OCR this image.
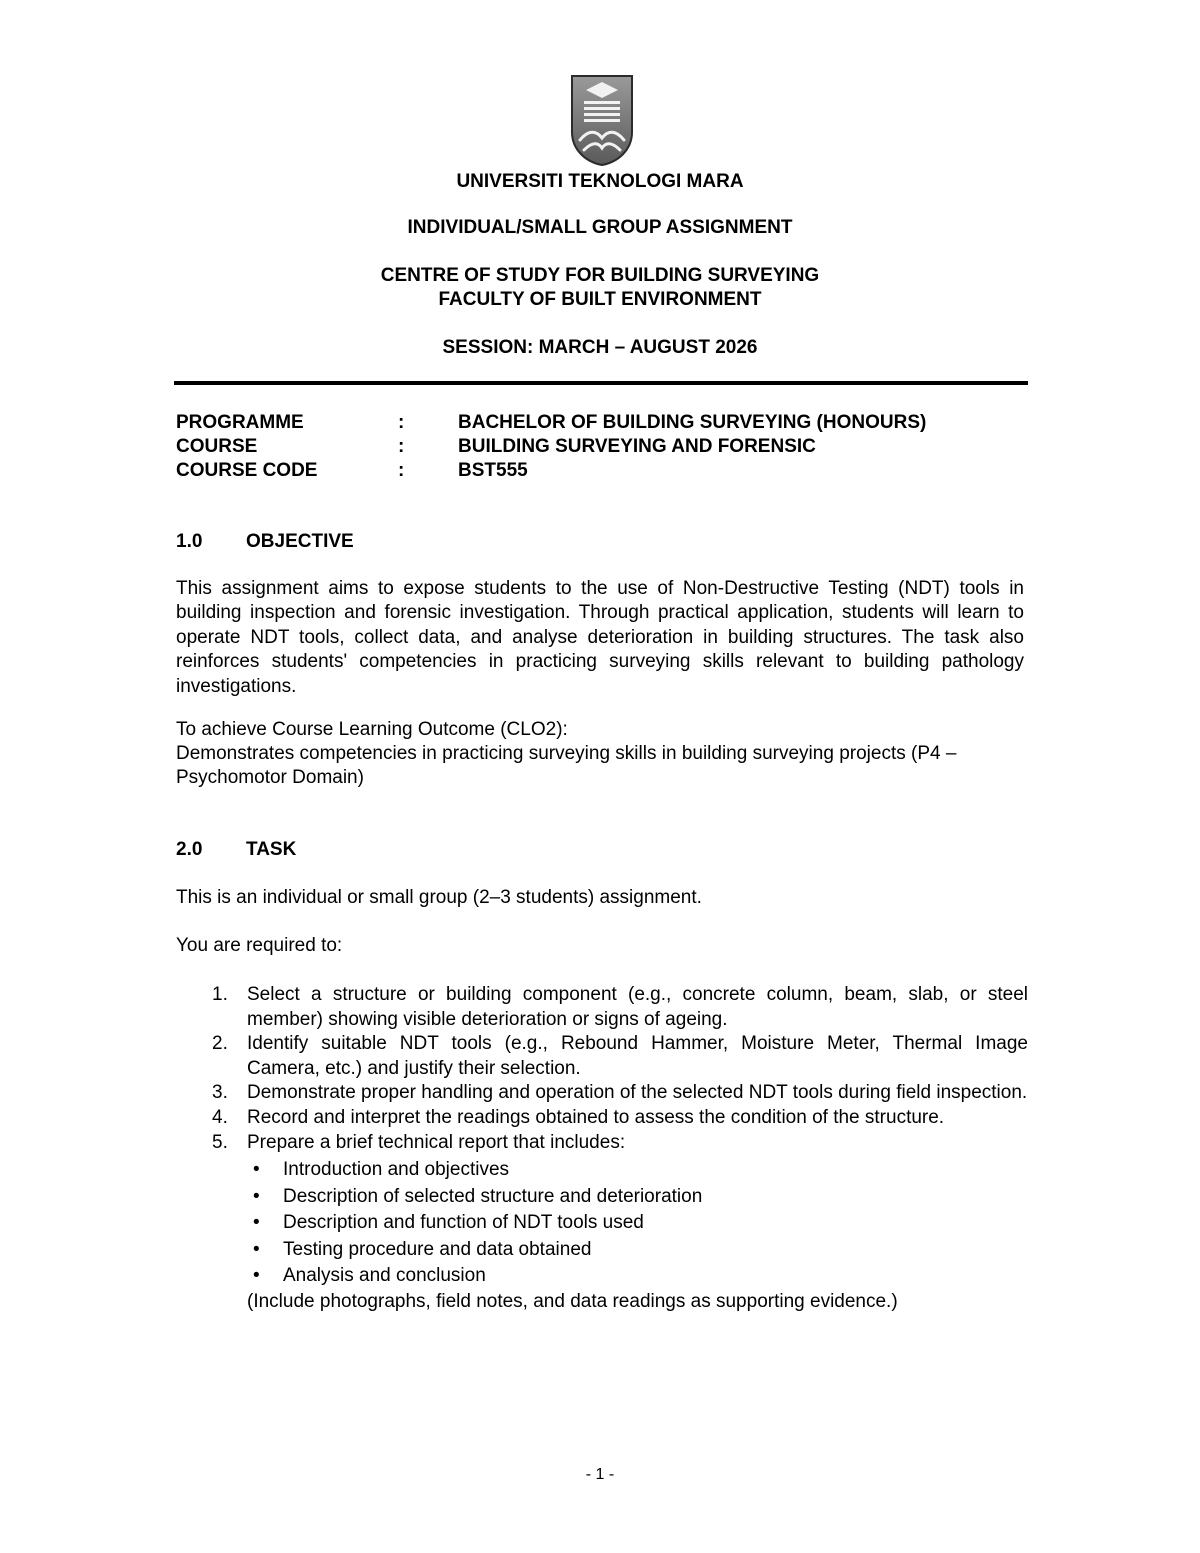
UNIVERSITI TEKNOLOGI MARA
INDIVIDUAL/SMALL GROUP ASSIGNMENT
CENTRE OF STUDY FOR BUILDING SURVEYING
FACULTY OF BUILT ENVIRONMENT
SESSION: MARCH – AUGUST 2026
PROGRAMME	:	BACHELOR OF BUILDING SURVEYING (HONOURS)
COURSE	:	BUILDING SURVEYING AND FORENSIC
COURSE CODE	:	BST555
1.0 OBJECTIVE

This assignment aims to expose students to the use of Non-Destructive Testing (NDT) tools in building inspection and forensic investigation. Through practical application, students will learn to operate NDT tools, collect data, and analyse deterioration in building structures. The task also reinforces students' competencies in practicing surveying skills relevant to building pathology investigations.

To achieve Course Learning Outcome (CLO2):

Demonstrates competencies in practicing surveying skills in building surveying projects (P4 – Psychomotor Domain)

2.0 TASK

This is an individual or small group (2–3 students) assignment.

You are required to:

1. Select a structure or building component (e.g., concrete column, beam, slab, or steel member) showing visible deterioration or signs of ageing.
2. Identify suitable NDT tools (e.g., Rebound Hammer, Moisture Meter, Thermal Image Camera, etc.) and justify their selection.
3. Demonstrate proper handling and operation of the selected NDT tools during field inspection.
4. Record and interpret the readings obtained to assess the condition of the structure.
5. Prepare a brief technical report that includes:
• Introduction and objectives
• Description of selected structure and deterioration
• Description and function of NDT tools used
• Testing procedure and data obtained
• Analysis and conclusion
(Include photographs, field notes, and data readings as supporting evidence.)
- 1 -
